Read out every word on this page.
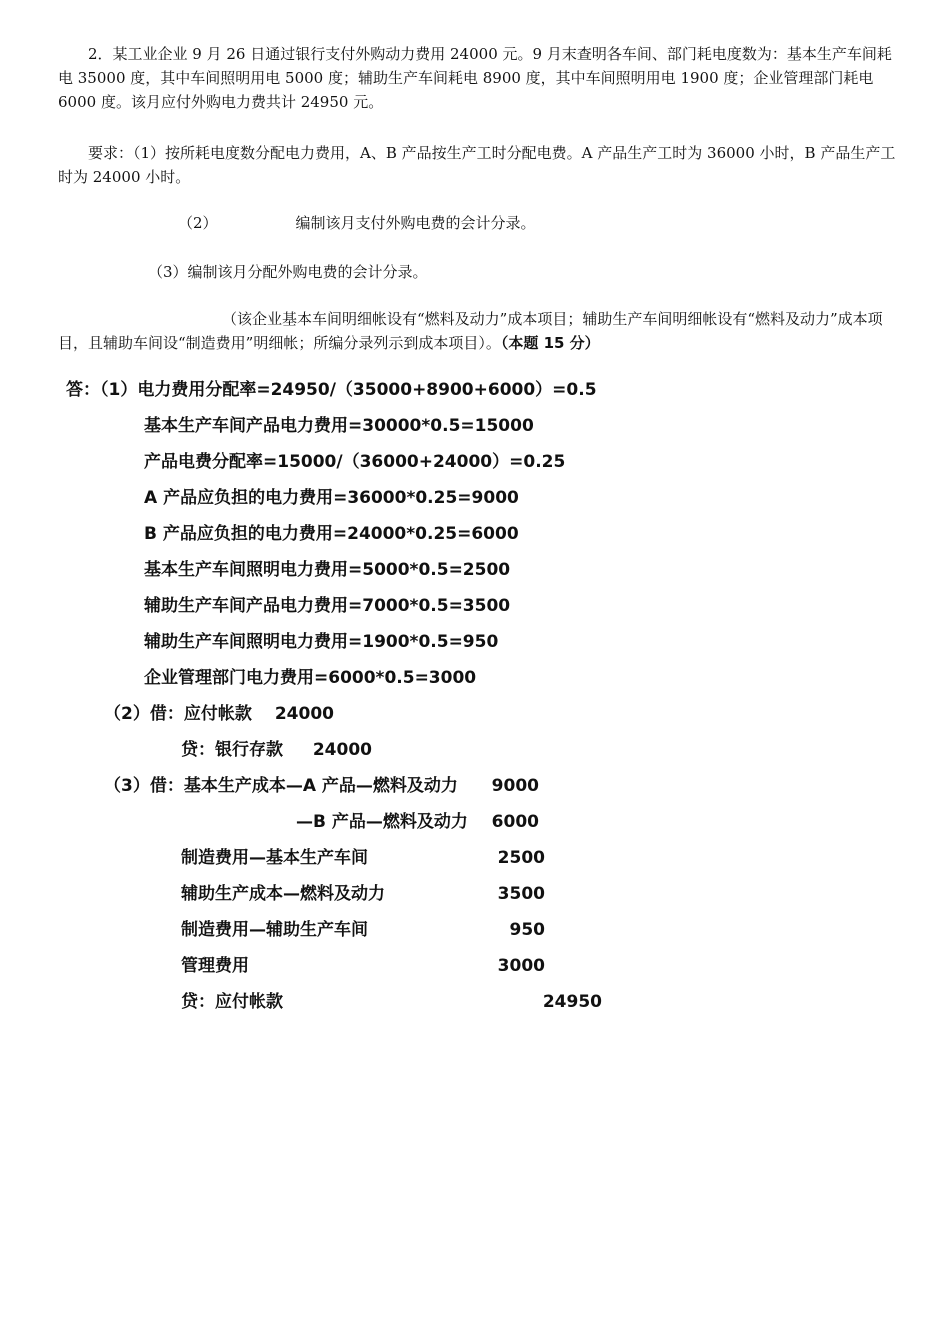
2．某工业企业 9 月 26 日通过银行支付外购动力费用 24000 元。9 月末查明各车间、部门耗电度数为：基本生产车间耗电 35000 度，其中车间照明用电 5000 度；辅助生产车间耗电 8900 度，其中车间照明用电 1900 度；企业管理部门耗电 6000 度。该月应付外购电力费共计 24950 元。

要求：（1）按所耗电度数分配电力费用，A、B 产品按生产工时分配电费。A 产品生产工时为 36000 小时，B 产品生产工时为 24000 小时。

（2）	编制该月支付外购电费的会计分录。

（3）编制该月分配外购电费的会计分录。

（该企业基本车间明细帐设有“燃料及动力”成本项目；辅助生产车间明细帐设有“燃料及动力”成本项目，且辅助车间设“制造费用”明细帐；所编分录列示到成本项目）。（本题 15 分）

答：（1）电力费用分配率=24950/（35000+8900+6000）=0.5

基本生产车间产品电力费用=30000*0.5=15000

产品电费分配率=15000/（36000+24000）=0.25

A 产品应负担的电力费用=36000*0.25=9000

B 产品应负担的电力费用=24000*0.25=6000

基本生产车间照明电力费用=5000*0.5=2500

辅助生产车间产品电力费用=7000*0.5=3500

辅助生产车间照明电力费用=1900*0.5=950

企业管理部门电力费用=6000*0.5=3000

（2）借：应付帐款 24000

贷：银行存款 24000

（3）借：基本生产成本—A 产品—燃料及动力	9000

—B 产品—燃料及动力	6000

制造费用—基本生产车间	2500

辅助生产成本—燃料及动力	3500

制造费用—辅助生产车间	950

管理费用	3000

贷：应付帐款	24950
